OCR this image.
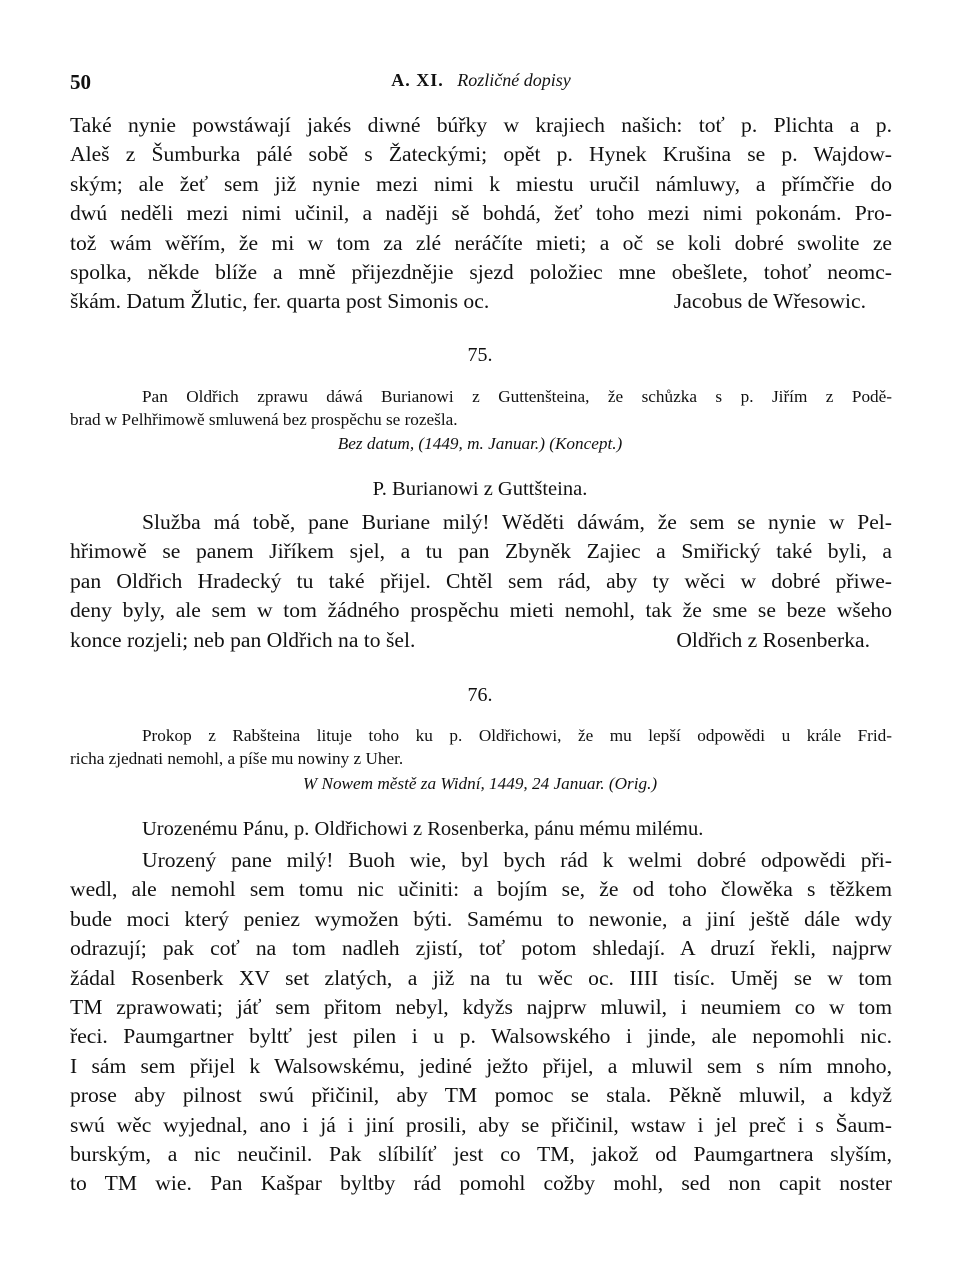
50	A. XI. Rozličné dopisy
Také nynie powstáwají jakés diwné búřky w krajiech našich: toť p. Plichta a p.
Aleš z Šumburka pálé sobě s Žateckými; opět p. Hynek Krušina se p. Wajdow-
ským; ale žeť sem již nynie mezi nimi k miestu uručil námluwy, a přímčřie do
dwú neděli mezi nimi učinil, a naději sě bohdá, žeť toho mezi nimi pokonám. Pro-
tož wám wěřím, že mi w tom za zlé neráčíte mieti; a oč se koli dobré swolite ze
spolka, někde blíže a mně přijezdnějie sjezd položiec mne obešlete, tohoť neomc-
škám. Datum Žlutic, fer. quarta post Simonis oc.	Jacobus de Wřesowic.
75.
Pan Oldřich zprawu dáwá Burianowi z Guttenšteina, že schůzka s p. Jiřím z Podě-
brad w Pelhřimowě smluwená bez prospěchu se rozešla.
Bez datum, (1449, m. Januar.) (Koncept.)
P. Burianowi z Guttšteina.
Služba má tobě, pane Buriane milý! Wěděti dáwám, že sem se nynie w Pel-
hřimowě se panem Jiříkem sjel, a tu pan Zbyněk Zajiec a Smiřický také byli, a
pan Oldřich Hradecký tu také přijel. Chtěl sem rád, aby ty wěci w dobré přiwe-
deny byly, ale sem w tom žádného prospěchu mieti nemohl, tak že sme se beze wšeho
konce rozjeli; neb pan Oldřich na to šel.	Oldřich z Rosenberka.
76.
Prokop z Rabšteina lituje toho ku p. Oldřichowi, že mu lepší odpowědi u krále Frid-
richa zjednati nemohl, a píše mu nowiny z Uher.
W Nowem městě za Widní, 1449, 24 Januar. (Orig.)
Urozenému Pánu, p. Oldřichowi z Rosenberka, pánu mému milému.
Urozený pane milý! Buoh wie, byl bych rád k welmi dobré odpowědi při-
wedl, ale nemohl sem tomu nic učiniti: a bojím se, že od toho člowěka s těžkem
bude moci který peniez wymožen býti. Samému to newonie, a jiní ještě dále wdy
odrazují; pak coť na tom nadleh zjistí, toť potom shledají. A druzí řekli, najprw
žádal Rosenberk XV set zlatých, a již na tu wěc oc. IIII tisíc. Uměj se w tom
TM zprawowati; jáť sem přitom nebyl, kdyžs najprw mluwil, i neumiem co w tom
řeci. Paumgartner byltť jest pilen i u p. Walsowského i jinde, ale nepomohli nic.
I sám sem přijel k Walsowskému, jediné ježto přijel, a mluwil sem s ním mnoho,
prose aby pilnost swú přičinil, aby TM pomoc se stala. Pěkně mluwil, a když
swú wěc wyjednal, ano i já i jiní prosili, aby se přičinil, wstaw i jel preč i s Šaum-
burským, a nic neučinil. Pak slíbilíť jest co TM, jakož od Paumgartnera slyším,
to TM wie. Pan Kašpar byltby rád pomohl cožby mohl, sed non capit noster
